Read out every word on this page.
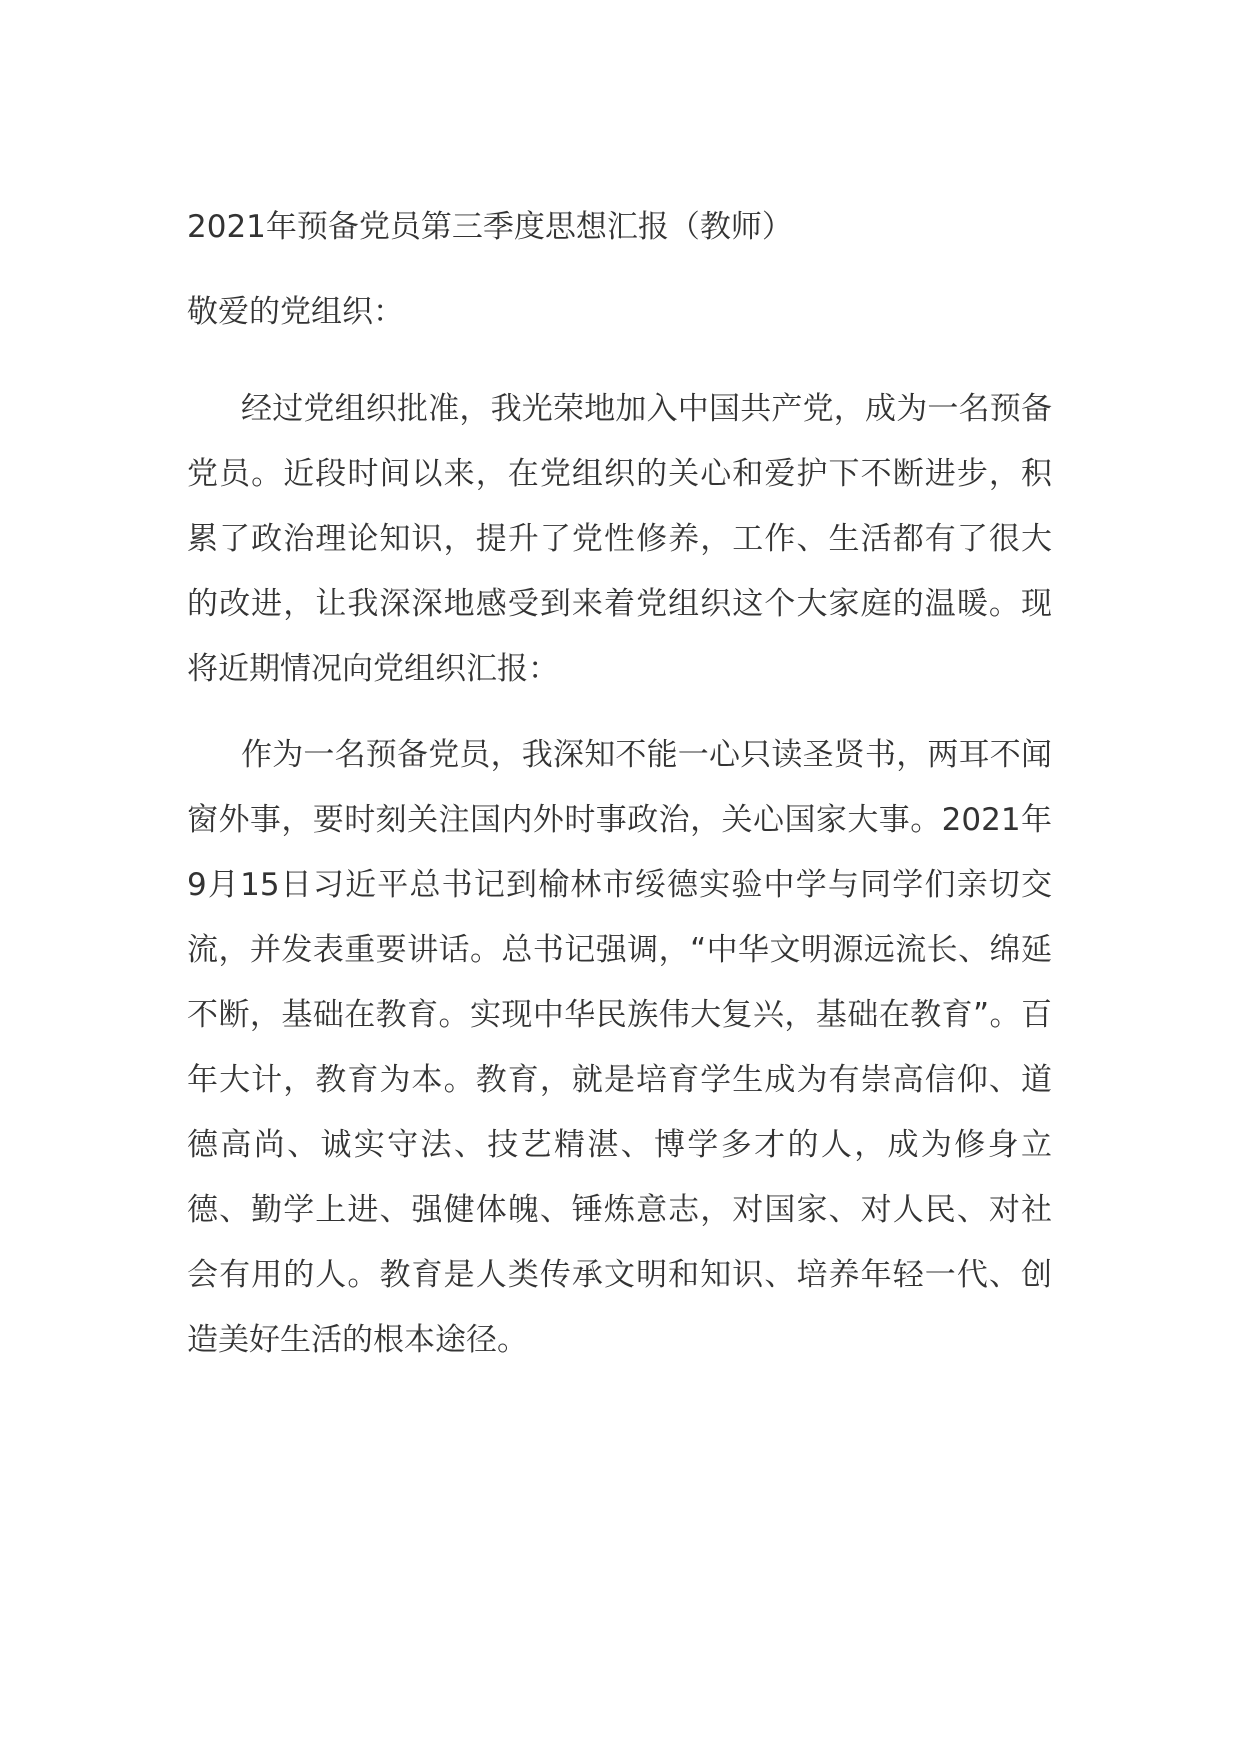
2021年预备党员第三季度思想汇报（教师）
敬爱的党组织：

经过党组织批准，我光荣地加入中国共产党，成为一名预备党员。近段时间以来，在党组织的关心和爱护下不断进步，积累了政治理论知识，提升了党性修养，工作、生活都有了很大的改进，让我深深地感受到来着党组织这个大家庭的温暖。现将近期情况向党组织汇报：

作为一名预备党员，我深知不能一心只读圣贤书，两耳不闻窗外事，要时刻关注国内外时事政治，关心国家大事。2021年9月15日习近平总书记到榆林市绥德实验中学与同学们亲切交流，并发表重要讲话。总书记强调，“中华文明源远流长、绵延不断，基础在教育。实现中华民族伟大复兴，基础在教育”。百年大计，教育为本。教育，就是培育学生成为有崇高信仰、道德高尚、诚实守法、技艺精湛、博学多才的人，成为修身立德、勤学上进、强健体魄、锤炼意志，对国家、对人民、对社会有用的人。教育是人类传承文明和知识、培养年轻一代、创造美好生活的根本途径。
